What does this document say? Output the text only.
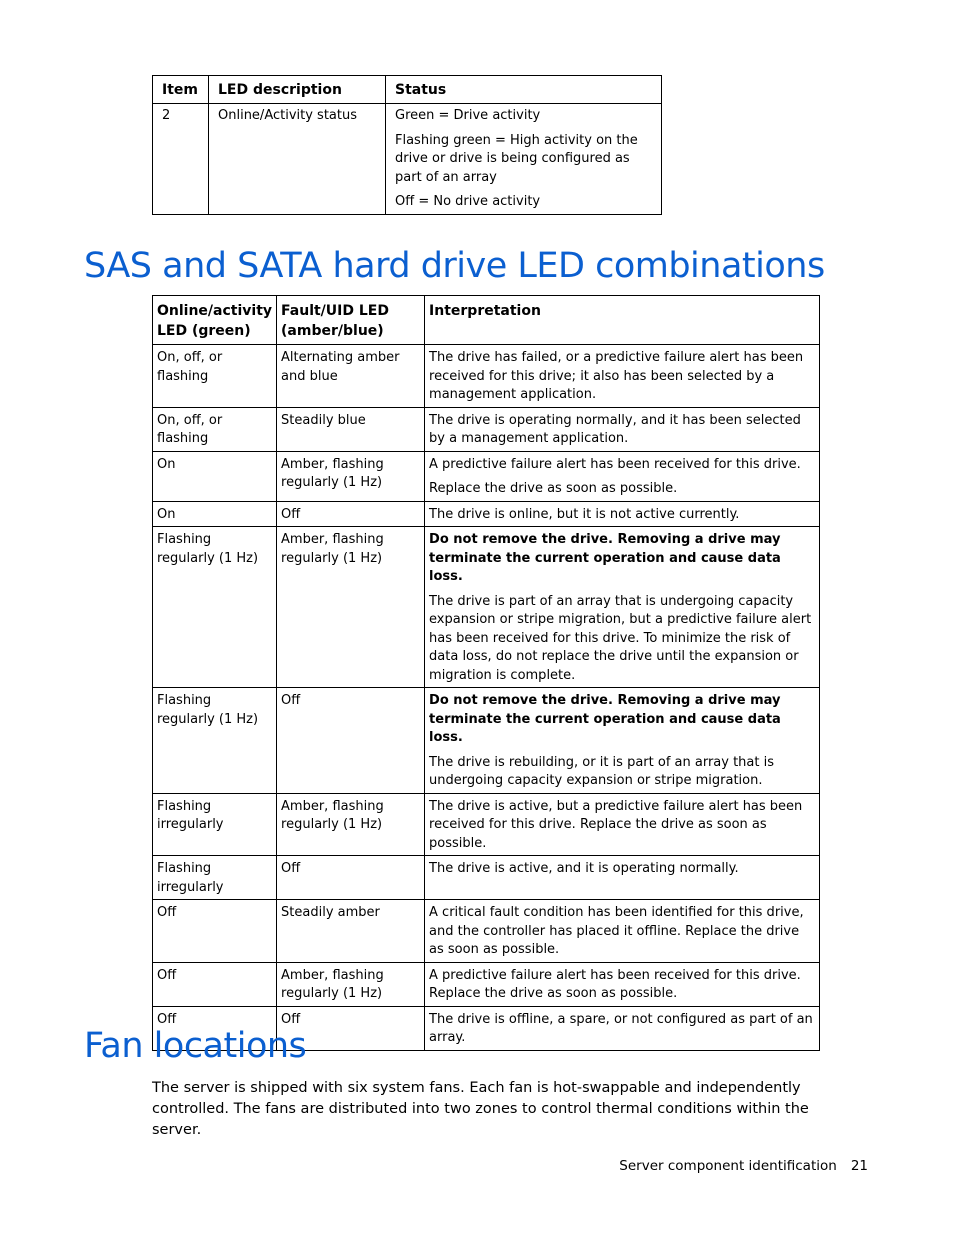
Item	LED description	Status
2	Online/Activity status	Green = Drive activity
Flashing green = High activity on the drive or drive is being configured as part of an array
Off = No drive activity
SAS and SATA hard drive LED combinations
Online/activity LED (green)	Fault/UID LED (amber/blue)	Interpretation
On, off, or flashing	Alternating amber and blue	The drive has failed, or a predictive failure alert has been received for this drive; it also has been selected by a management application.

On, off, or flashing	Steadily blue	The drive is operating normally, and it has been selected by a management application.

On	Amber, flashing regularly (1 Hz)	A predictive failure alert has been received for this drive.
Replace the drive as soon as possible.

On	Off	The drive is online, but it is not active currently.

Flashing regularly (1 Hz)	Amber, flashing regularly (1 Hz)	Do not remove the drive. Removing a drive may terminate the current operation and cause data loss.
The drive is part of an array that is undergoing capacity expansion or stripe migration, but a predictive failure alert has been received for this drive. To minimize the risk of data loss, do not replace the drive until the expansion or migration is complete.

Flashing regularly (1 Hz)	Off	Do not remove the drive. Removing a drive may terminate the current operation and cause data loss.
The drive is rebuilding, or it is part of an array that is undergoing capacity expansion or stripe migration.

Flashing irregularly	Amber, flashing regularly (1 Hz)	The drive is active, but a predictive failure alert has been received for this drive. Replace the drive as soon as possible.

Flashing irregularly	Off	The drive is active, and it is operating normally.

Off	Steadily amber	A critical fault condition has been identified for this drive, and the controller has placed it offline. Replace the drive as soon as possible.

Off	Amber, flashing regularly (1 Hz)	A predictive failure alert has been received for this drive. Replace the drive as soon as possible.

Off	Off	The drive is offline, a spare, or not configured as part of an array.
Fan locations

The server is shipped with six system fans. Each fan is hot-swappable and independently controlled. The fans are distributed into two zones to control thermal conditions within the server.

Server component identification 21
